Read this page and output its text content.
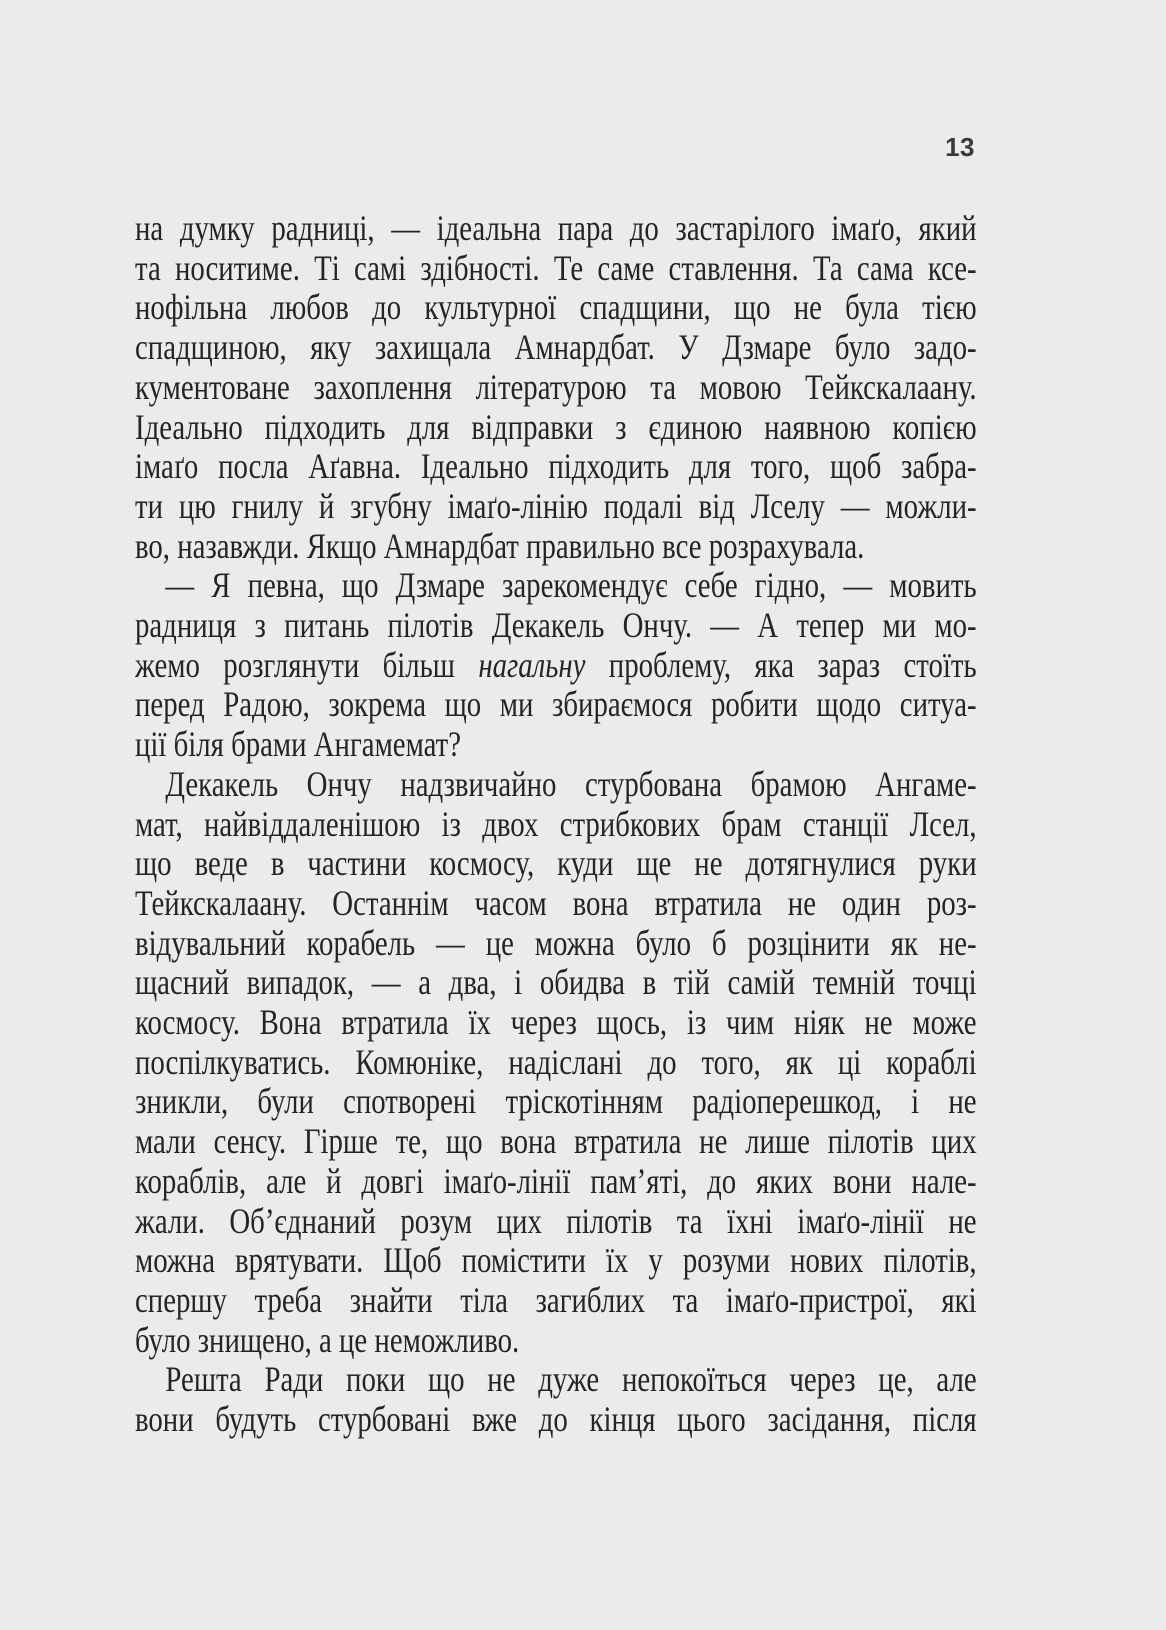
13
на думку радниці, — ідеальна пара до застарілого імаґо, який
та носитиме. Ті самі здібності. Те саме ставлення. Та сама ксе-
нофільна любов до культурної спадщини, що не була тією
спадщиною, яку захищала Амнардбат. У Дзмаре було задо-
кументоване захоплення літературою та мовою Тейкскалаану.
Ідеально підходить для відправки з єдиною наявною копією
імаґо посла Аґавна. Ідеально підходить для того, щоб забра-
ти цю гнилу й згубну імаґо-лінію подалі від Лселу — можли-
во, назавжди. Якщо Амнардбат правильно все розрахувала.
— Я певна, що Дзмаре зарекомендує себе гідно, — мовить
радниця з питань пілотів Декакель Ончу. — А тепер ми мо-
жемо розглянути більш нагальну проблему, яка зараз стоїть
перед Радою, зокрема що ми збираємося робити щодо ситуа-
ції біля брами Ангамемат?
Декакель Ончу надзвичайно стурбована брамою Ангаме-
мат, найвіддаленішою із двох стрибкових брам станції Лсел,
що веде в частини космосу, куди ще не дотягнулися руки
Тейкскалаану. Останнім часом вона втратила не один роз-
відувальний корабель — це можна було б розцінити як не-
щасний випадок, — а два, і обидва в тій самій темній точці
космосу. Вона втратила їх через щось, із чим ніяк не може
поспілкуватись. Комюніке, надіслані до того, як ці кораблі
зникли, були спотворені тріскотінням радіоперешкод, і не
мали сенсу. Гірше те, що вона втратила не лише пілотів цих
кораблів, але й довгі імаґо-лінії пам’яті, до яких вони нале-
жали. Об’єднаний розум цих пілотів та їхні імаґо-лінії не
можна врятувати. Щоб помістити їх у розуми нових пілотів,
спершу треба знайти тіла загиблих та імаґо-пристрої, які
було знищено, а це неможливо.
Решта Ради поки що не дуже непокоїться через це, але
вони будуть стурбовані вже до кінця цього засідання, після
